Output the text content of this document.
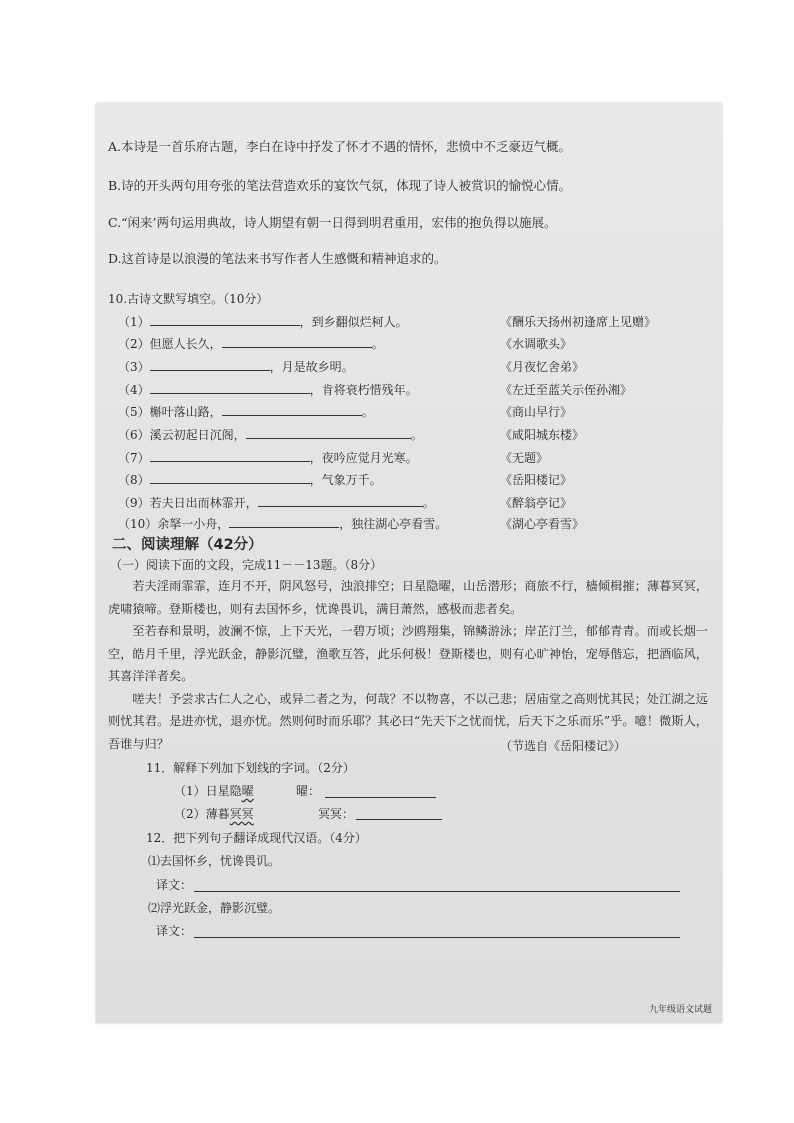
A.本诗是一首乐府古题，李白在诗中抒发了怀才不遇的情怀，悲愤中不乏豪迈气概。
B.诗的开头两句用夸张的笔法营造欢乐的宴饮气氛，体现了诗人被赏识的愉悦心情。
C.“闲来’两句运用典故，诗人期望有朝一日得到明君重用，宏伟的抱负得以施展。
D.这首诗是以浪漫的笔法来书写作者人生感慨和精神追求的。
10.古诗文默写填空。（10分）
（1）	，到乡翻似烂柯人。	《酬乐天扬州初逢席上见赠》
（2）但愿人长久，	。	《水调歌头》
（3）	，月是故乡明。	《月夜忆舍弟》
（4）	，肯将衰朽惜残年。	《左迁至蓝关示侄孙湘》
（5）槲叶落山路，	。	《商山早行》
（6）溪云初起日沉阁，	。	《咸阳城东楼》
（7）	，夜吟应觉月光寒。	《无题》
（8）	，气象万千。	《岳阳楼记》
（9）若夫日出而林霏开，	。	《醉翁亭记》
（10）余拏一小舟，	，独往湖心亭看雪。	《湖心亭看雪》
二、阅读理解（42分）
（一）阅读下面的文段，完成11－－13题。（8分）

若夫淫雨霏霏，连月不开，阴风怒号，浊浪排空；日星隐曜，山岳潜形；商旅不行，樯倾楫摧；薄暮冥冥，虎啸猿啼。登斯楼也，则有去国怀乡，忧谗畏讥，满目萧然，感极而悲者矣。

至若春和景明，波澜不惊，上下天光，一碧万顷；沙鸥翔集，锦鳞游泳；岸芷汀兰，郁郁青青。而或长烟一空，皓月千里，浮光跃金，静影沉璧，渔歌互答，此乐何极！登斯楼也，则有心旷神怡，宠辱偕忘，把酒临风，其喜洋洋者矣。

嗟夫！予尝求古仁人之心，或异二者之为，何哉？不以物喜，不以己悲；居庙堂之高则忧其民；处江湖之远则忧其君。是进亦忧，退亦忧。然则何时而乐耶？其必曰“先天下之忧而忧，后天下之乐而乐”乎。噫！微斯人，吾谁与归？	（节选自《岳阳楼记》）
11．解释下列加下划线的字词。（2分）
（1）日星隐曜	曜：
（2）薄暮冥冥	冥冥：
12．把下列句子翻译成现代汉语。（4分）
⑴去国怀乡，忧谗畏讥。
译文：
⑵浮光跃金，静影沉璧。
译文：
九年级语文试题
